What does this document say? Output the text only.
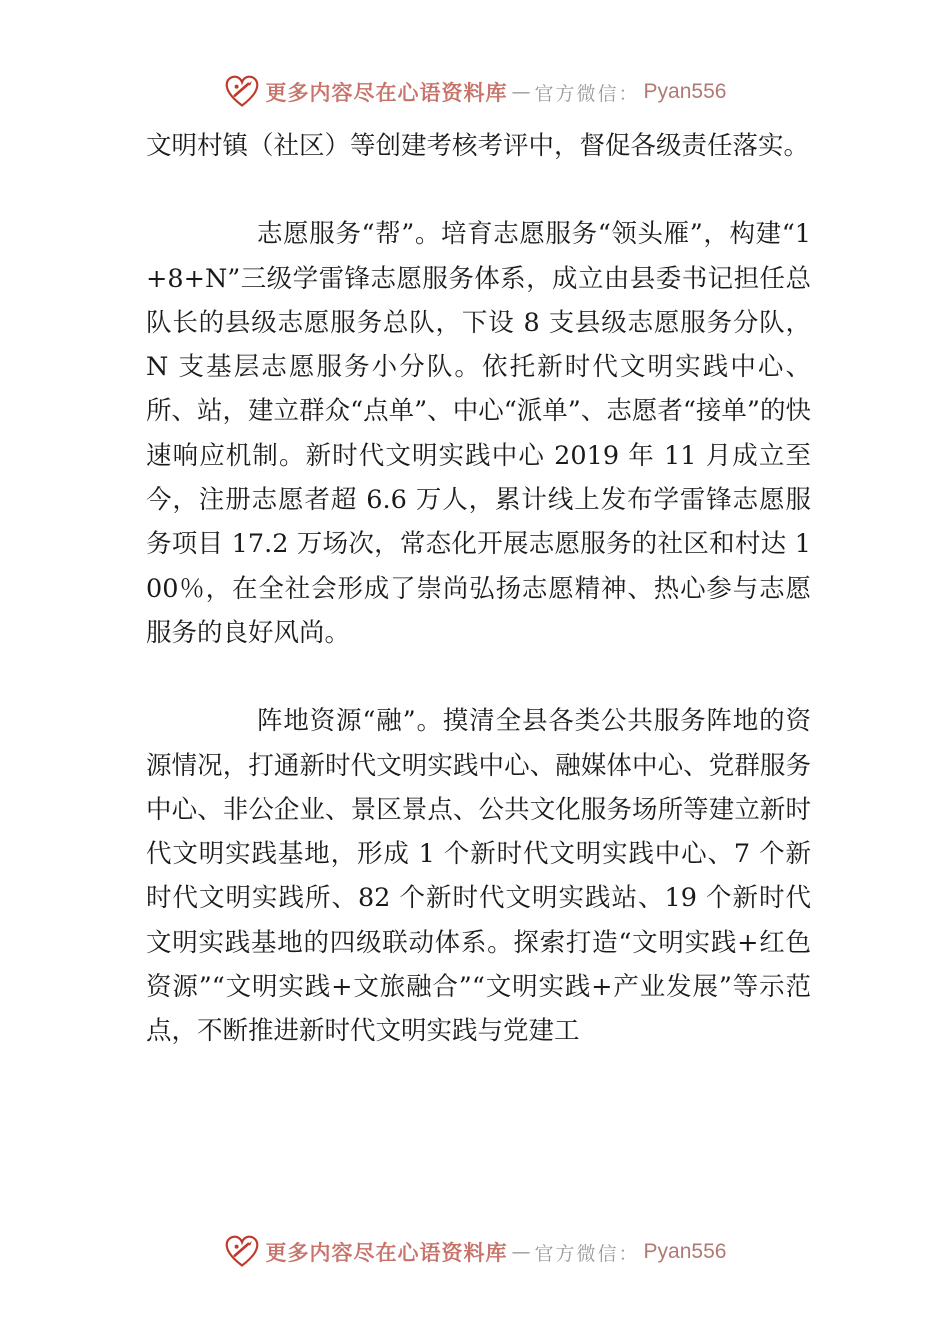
更多内容尽在心语资料库 — 官方微信： Pyan556

文明村镇（社区）等创建考核考评中，督促各级责任落实。

志愿服务“帮”。培育志愿服务“领头雁”，构建“1+8+N”三级学雷锋志愿服务体系，成立由县委书记担任总队长的县级志愿服务总队，下设 8 支县级志愿服务分队，N 支基层志愿服务小分队。依托新时代文明实践中心、所、站，建立群众“点单”、中心“派单”、志愿者“接单”的快速响应机制。新时代文明实践中心 2019 年 11 月成立至今，注册志愿者超 6.6 万人，累计线上发布学雷锋志愿服务项目 17.2 万场次，常态化开展志愿服务的社区和村达 100％，在全社会形成了崇尚弘扬志愿精神、热心参与志愿服务的良好风尚。

阵地资源“融”。摸清全县各类公共服务阵地的资源情况，打通新时代文明实践中心、融媒体中心、党群服务中心、非公企业、景区景点、公共文化服务场所等建立新时代文明实践基地，形成 1 个新时代文明实践中心、7 个新时代文明实践所、82 个新时代文明实践站、19 个新时代文明实践基地的四级联动体系。探索打造“文明实践+红色资源”“文明实践+文旅融合”“文明实践+产业发展”等示范点，不断推进新时代文明实践与党建工

更多内容尽在心语资料库 — 官方微信： Pyan556
